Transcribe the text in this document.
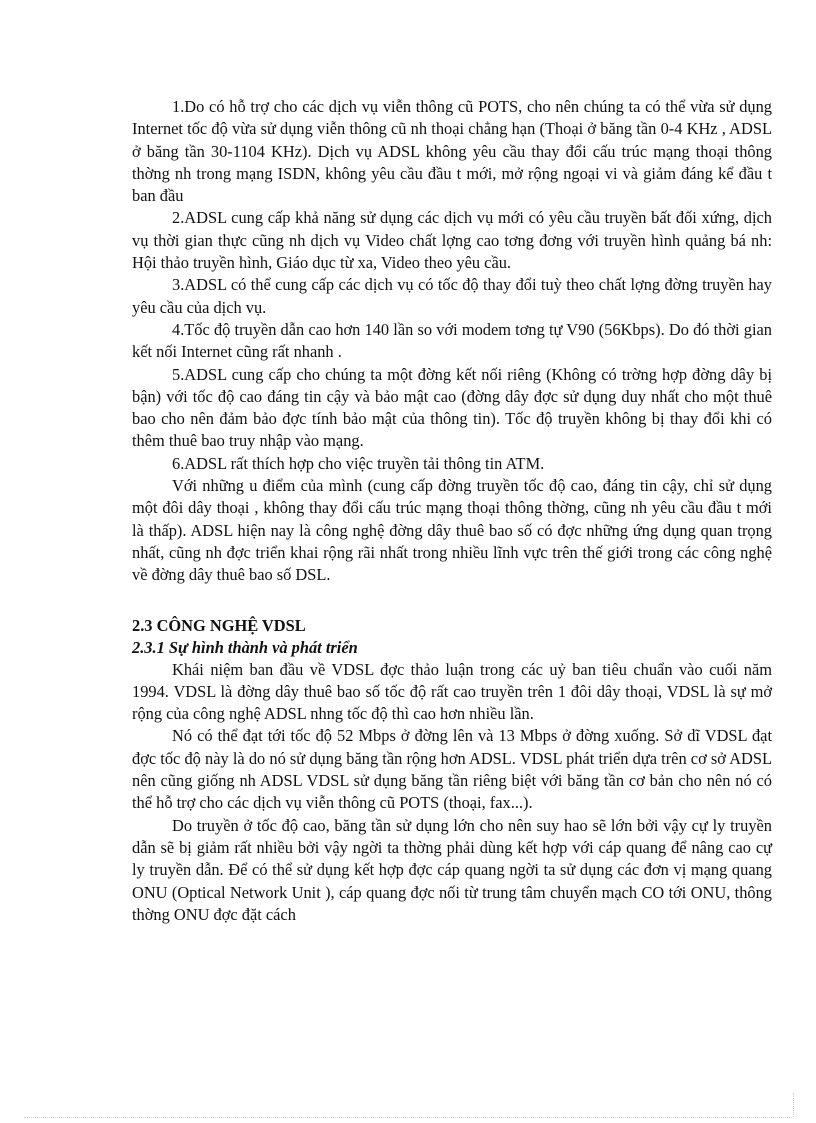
1.Do có hỗ trợ cho các dịch vụ viễn thông cũ POTS, cho nên chúng ta có thể vừa sử dụng Internet tốc độ vừa sử dụng viễn thông cũ nh thoại chẳng hạn (Thoại ở băng tần 0-4 KHz , ADSL ở băng tần 30-1104 KHz). Dịch vụ ADSL không yêu cầu thay đổi cấu trúc mạng thoại thông thờng nh trong mạng ISDN, không yêu cầu đầu t mới, mở rộng ngoại vi và giảm đáng kể đầu t ban đầu

2.ADSL cung cấp khả năng sử dụng các dịch vụ mới có yêu cầu truyền bất đối xứng, dịch vụ thời gian thực cũng nh dịch vụ Video chất lợng cao tơng đơng với truyền hình quảng bá nh: Hội thảo truyền hình, Giáo dục từ xa, Video theo yêu cầu.

3.ADSL có thể cung cấp các dịch vụ có tốc độ thay đổi tuỳ theo chất lợng đờng truyền hay yêu cầu của dịch vụ.

4.Tốc độ truyền dẫn cao hơn 140 lần so với modem tơng tự V90 (56Kbps). Do đó thời gian kết nối Internet cũng rất nhanh .

5.ADSL cung cấp cho chúng ta một đờng kết nối riêng (Không có trờng hợp đờng dây bị bận) với tốc độ cao đáng tin cậy và bảo mật cao (đờng dây đợc sử dụng duy nhất cho một thuê bao cho nên đảm bảo đợc tính bảo mật của thông tin). Tốc độ truyền không bị thay đổi khi có thêm thuê bao truy nhập vào mạng.

6.ADSL rất thích hợp cho việc truyền tải thông tin ATM.

Với những u điểm của mình (cung cấp đờng truyền tốc độ cao, đáng tin cậy, chỉ sử dụng một đôi dây thoại , không thay đổi cấu trúc mạng thoại thông thờng, cũng nh yêu cầu đầu t mới là thấp). ADSL hiện nay là công nghệ đờng dây thuê bao số có đợc những ứng dụng quan trọng nhất, cũng nh đợc triển khai rộng rãi nhất trong nhiều lĩnh vực trên thế giới trong các công nghệ về đờng dây thuê bao số DSL.

2.3 CÔNG NGHỆ VDSL
2.3.1 Sự hình thành và phát triển

Khái niệm ban đầu về VDSL đợc thảo luận trong các uỷ ban tiêu chuẩn vào cuối năm 1994. VDSL là đờng dây thuê bao số tốc độ rất cao truyền trên 1 đôi dây thoại, VDSL là sự mở rộng của công nghệ ADSL nhng tốc độ thì cao hơn nhiều lần.

Nó có thể đạt tới tốc độ 52 Mbps ở đờng lên và 13 Mbps ở đờng xuống. Sở dĩ VDSL đạt đợc tốc độ này là do nó sử dụng băng tần rộng hơn ADSL. VDSL phát triển dựa trên cơ sở ADSL nên cũng giống nh ADSL VDSL sử dụng băng tần riêng biệt với băng tần cơ bản cho nên nó có thể hỗ trợ cho các dịch vụ viễn thông cũ POTS (thoại, fax...).

Do truyền ở tốc độ cao, băng tần sử dụng lớn cho nên suy hao sẽ lớn bởi vậy cự ly truyền dẫn sẽ bị giảm rất nhiều bởi vậy ngời ta thờng phải dùng kết hợp với cáp quang để nâng cao cự ly truyền dẫn. Để có thể sử dụng kết hợp đợc cáp quang ngời ta sử dụng các đơn vị mạng quang ONU (Optical Network Unit ), cáp quang đợc nối từ trung tâm chuyển mạch CO tới ONU, thông thờng ONU đợc đặt cách
